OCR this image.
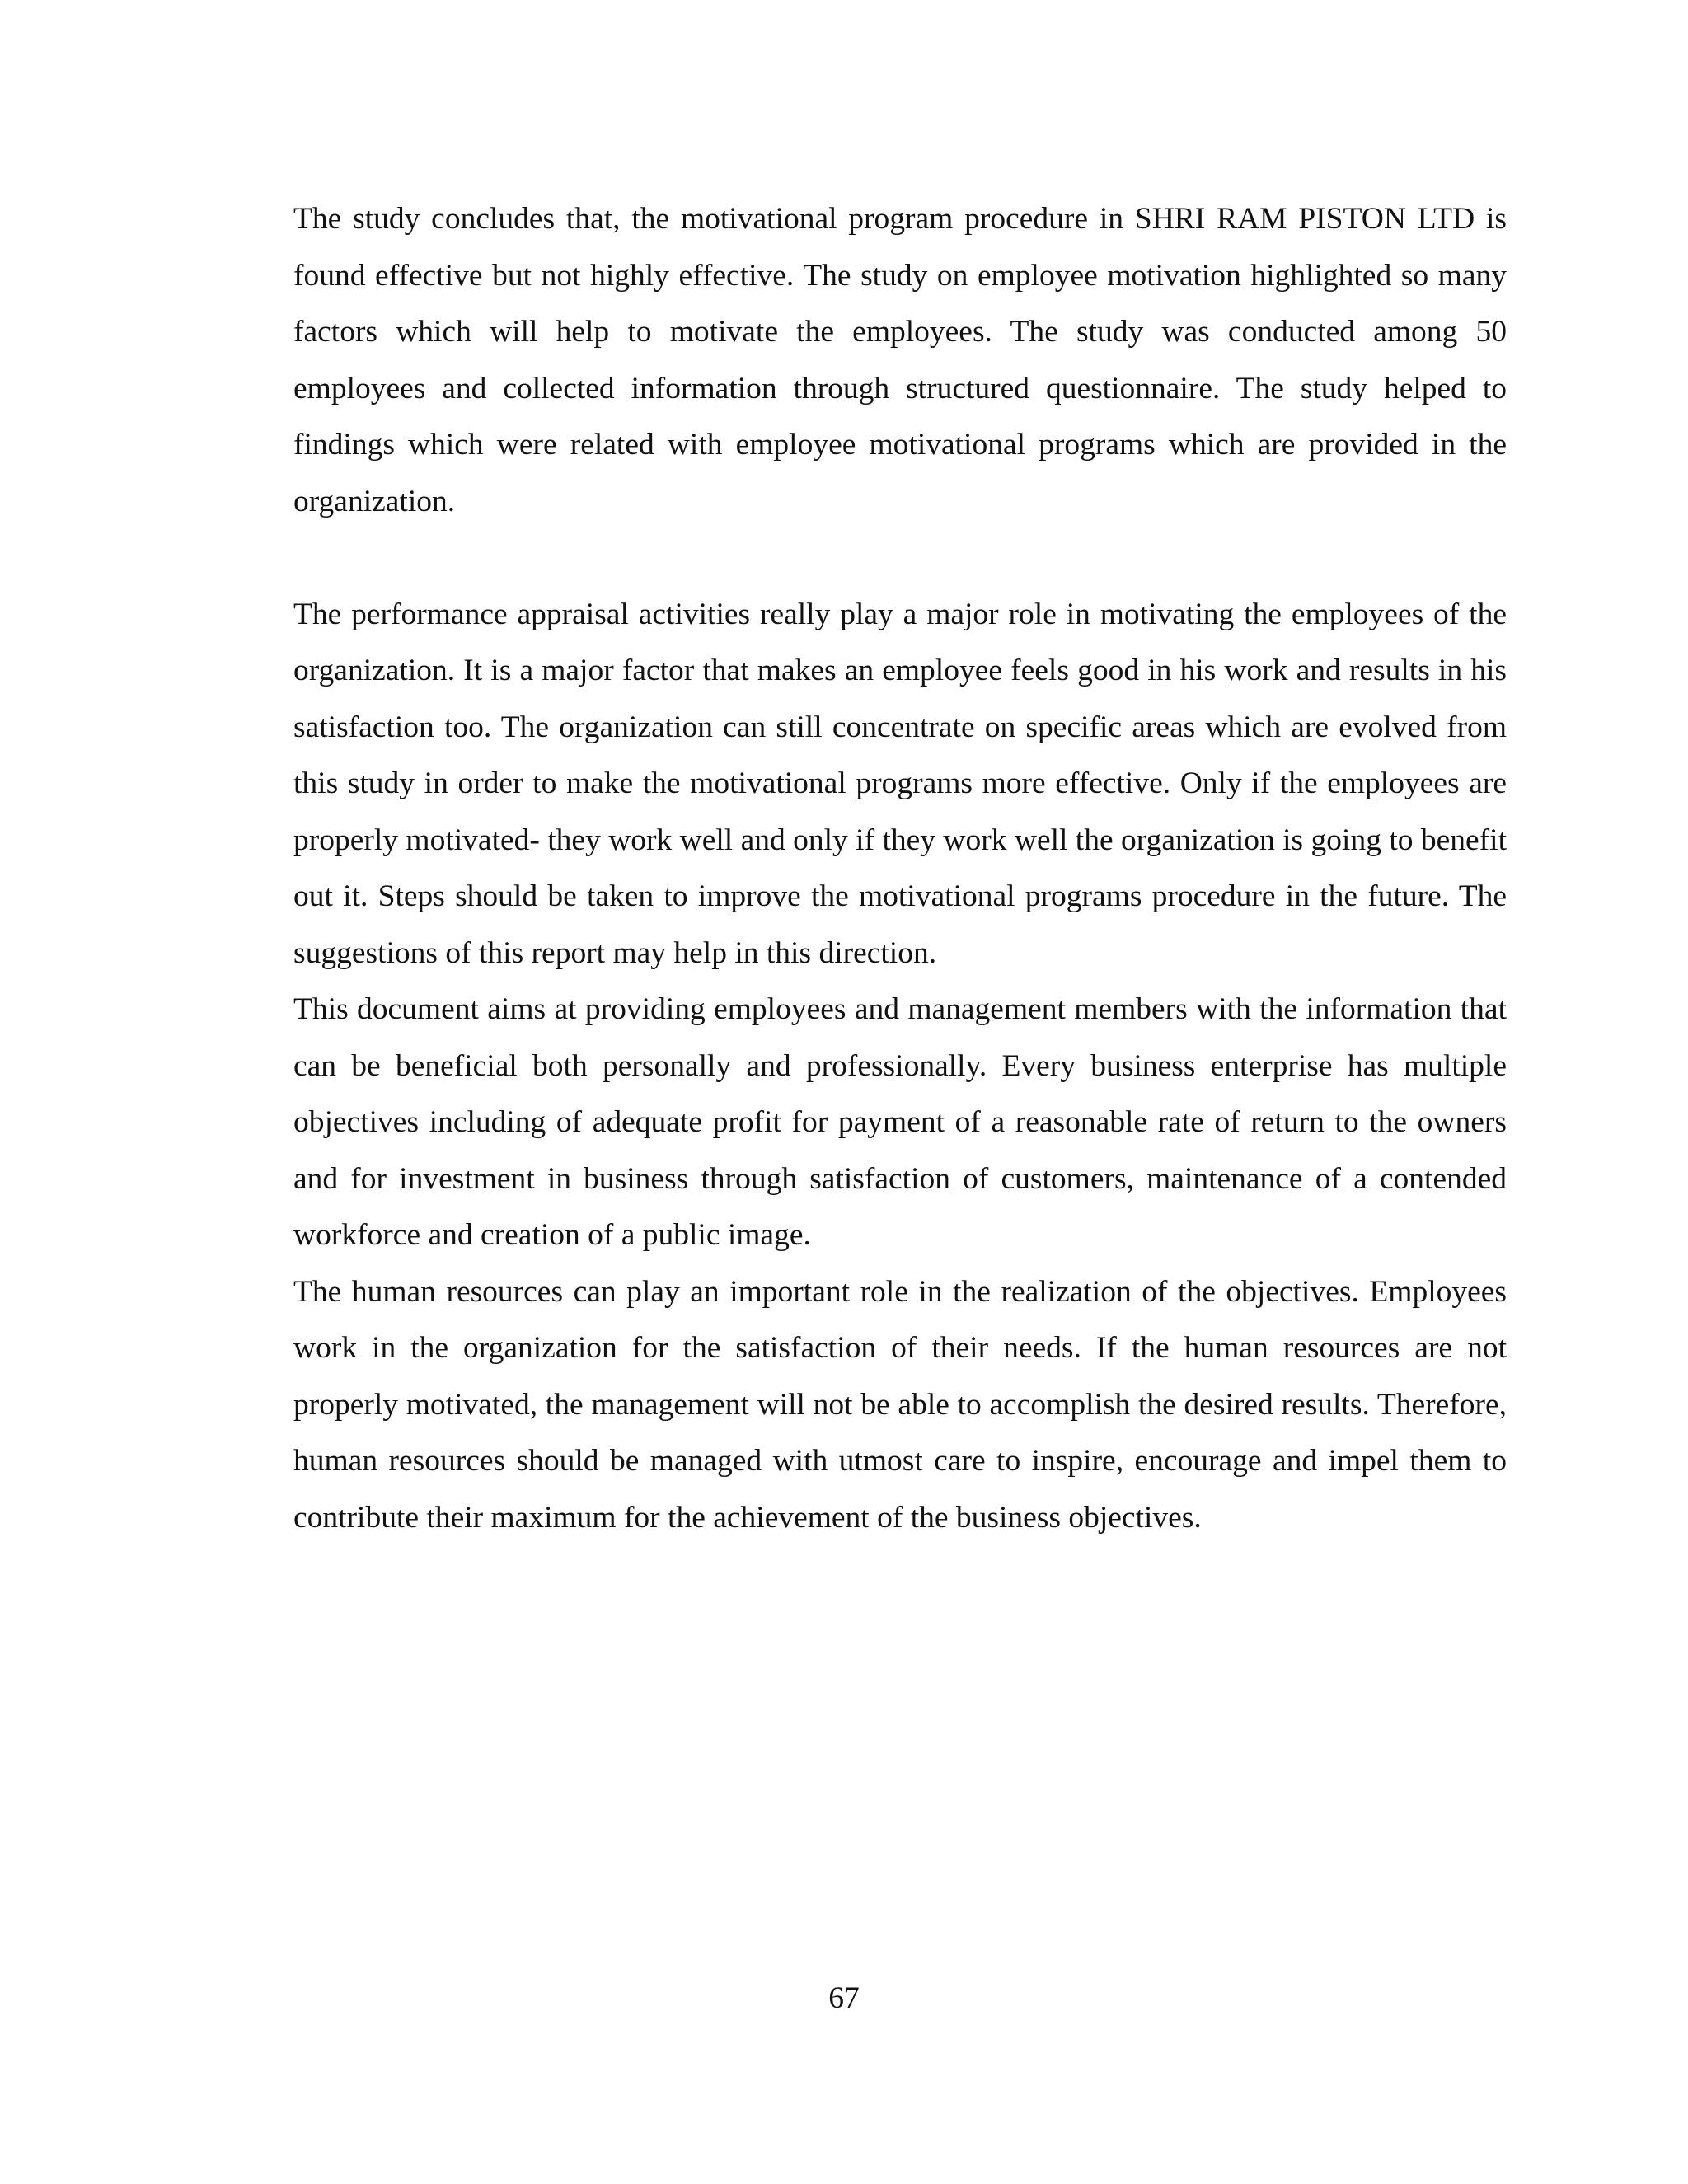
The study concludes that, the motivational program procedure in SHRI RAM PISTON LTD is found effective but not highly effective. The study on employee motivation highlighted so many factors which will help to motivate the employees. The study was conducted among 50 employees and collected information through structured questionnaire. The study helped to findings which were related with employee motivational programs which are provided in the organization.

The performance appraisal activities really play a major role in motivating the employees of the organization. It is a major factor that makes an employee feels good in his work and results in his satisfaction too. The organization can still concentrate on specific areas which are evolved from this study in order to make the motivational programs more effective. Only if the employees are properly motivated- they work well and only if they work well the organization is going to benefit out it. Steps should be taken to improve the motivational programs procedure in the future. The suggestions of this report may help in this direction.

This document aims at providing employees and management members with the information that can be beneficial both personally and professionally. Every business enterprise has multiple objectives including of adequate profit for payment of a reasonable rate of return to the owners and for investment in business through satisfaction of customers, maintenance of a contended workforce and creation of a public image.

The human resources can play an important role in the realization of the objectives. Employees work in the organization for the satisfaction of their needs. If the human resources are not properly motivated, the management will not be able to accomplish the desired results. Therefore, human resources should be managed with utmost care to inspire, encourage and impel them to contribute their maximum for the achievement of the business objectives.

67
